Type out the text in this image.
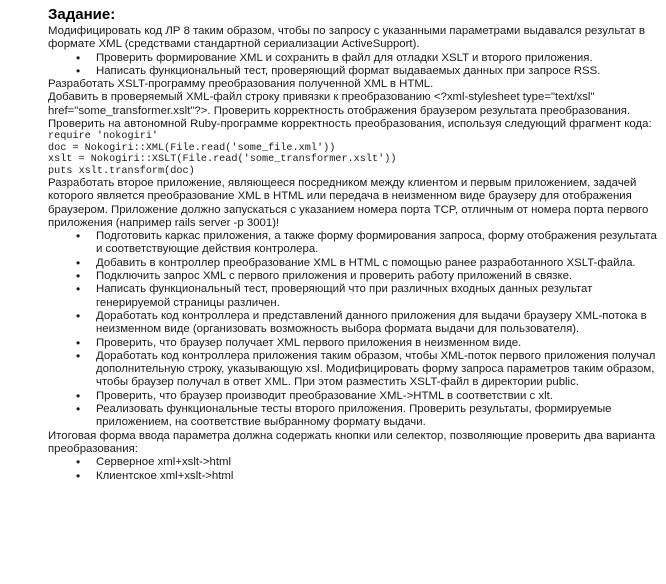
Задание:

Модифицировать код ЛР 8 таким образом, чтобы по запросу с указанными параметрами выдавался результат в формате XML (средствами стандартной сериализации ActiveSupport).

• Проверить формирование XML и сохранить в файл для отладки XSLT и второго приложения.
• Написать функциональный тест, проверяющий формат выдаваемых данных при запросе RSS.

Разработать XSLT-программу преобразования полученной XML в HTML.

Добавить в проверяемый XML-файл строку привязки к преобразованию <?xml-stylesheet type="text/xsl" href="some_transformer.xslt"?>. Проверить корректность отображения браузером результата преобразования.

Проверить на автономной Ruby-программе корректность преобразования, используя следующий фрагмент кода:

require 'nokogiri'
doc = Nokogiri::XML(File.read('some_file.xml'))
xslt = Nokogiri::XSLT(File.read('some_transformer.xslt'))
puts xslt.transform(doc)

Разработать второе приложение, являющееся посредником между клиентом и первым приложением, задачей которого является преобразование XML в HTML или передача в неизменном виде браузеру для отображения браузером. Приложение должно запускаться с указанием номера порта TCP, отличным от номера порта первого приложения (например rails server -p 3001)!

• Подготовить каркас приложения, а также форму формирования запроса, форму отображения результата и соответствующие действия контролера.
• Добавить в контроллер преобразование XML в HTML с помощью ранее разработанного XSLT-файла.
• Подключить запрос XML с первого приложения и проверить работу приложений в связке.
• Написать функциональный тест, проверяющий что при различных входных данных результат генерируемой страницы различен.
• Доработать код контроллера и представлений данного приложения для выдачи браузеру XML-потока в неизменном виде (организовать возможность выбора формата выдачи для пользователя).
• Проверить, что браузер получает XML первого приложения в неизменном виде.
• Доработать код контроллера приложения таким образом, чтобы XML-поток первого приложения получал дополнительную строку, указывающую xsl. Модифицировать форму запроса параметров таким образом, чтобы браузер получал в ответ XML. При этом разместить XSLT-файл в директории public.
• Проверить, что браузер производит преобразование XML->HTML в соответствии с xlt.
• Реализовать функциональные тесты второго приложения. Проверить результаты, формируемые приложением, на соответствие выбранному формату выдачи.

Итоговая форма ввода параметра должна содержать кнопки или селектор, позволяющие проверить два варианта преобразования:

• Серверное xml+xslt->html
• Клиентское xml+xslt->html
